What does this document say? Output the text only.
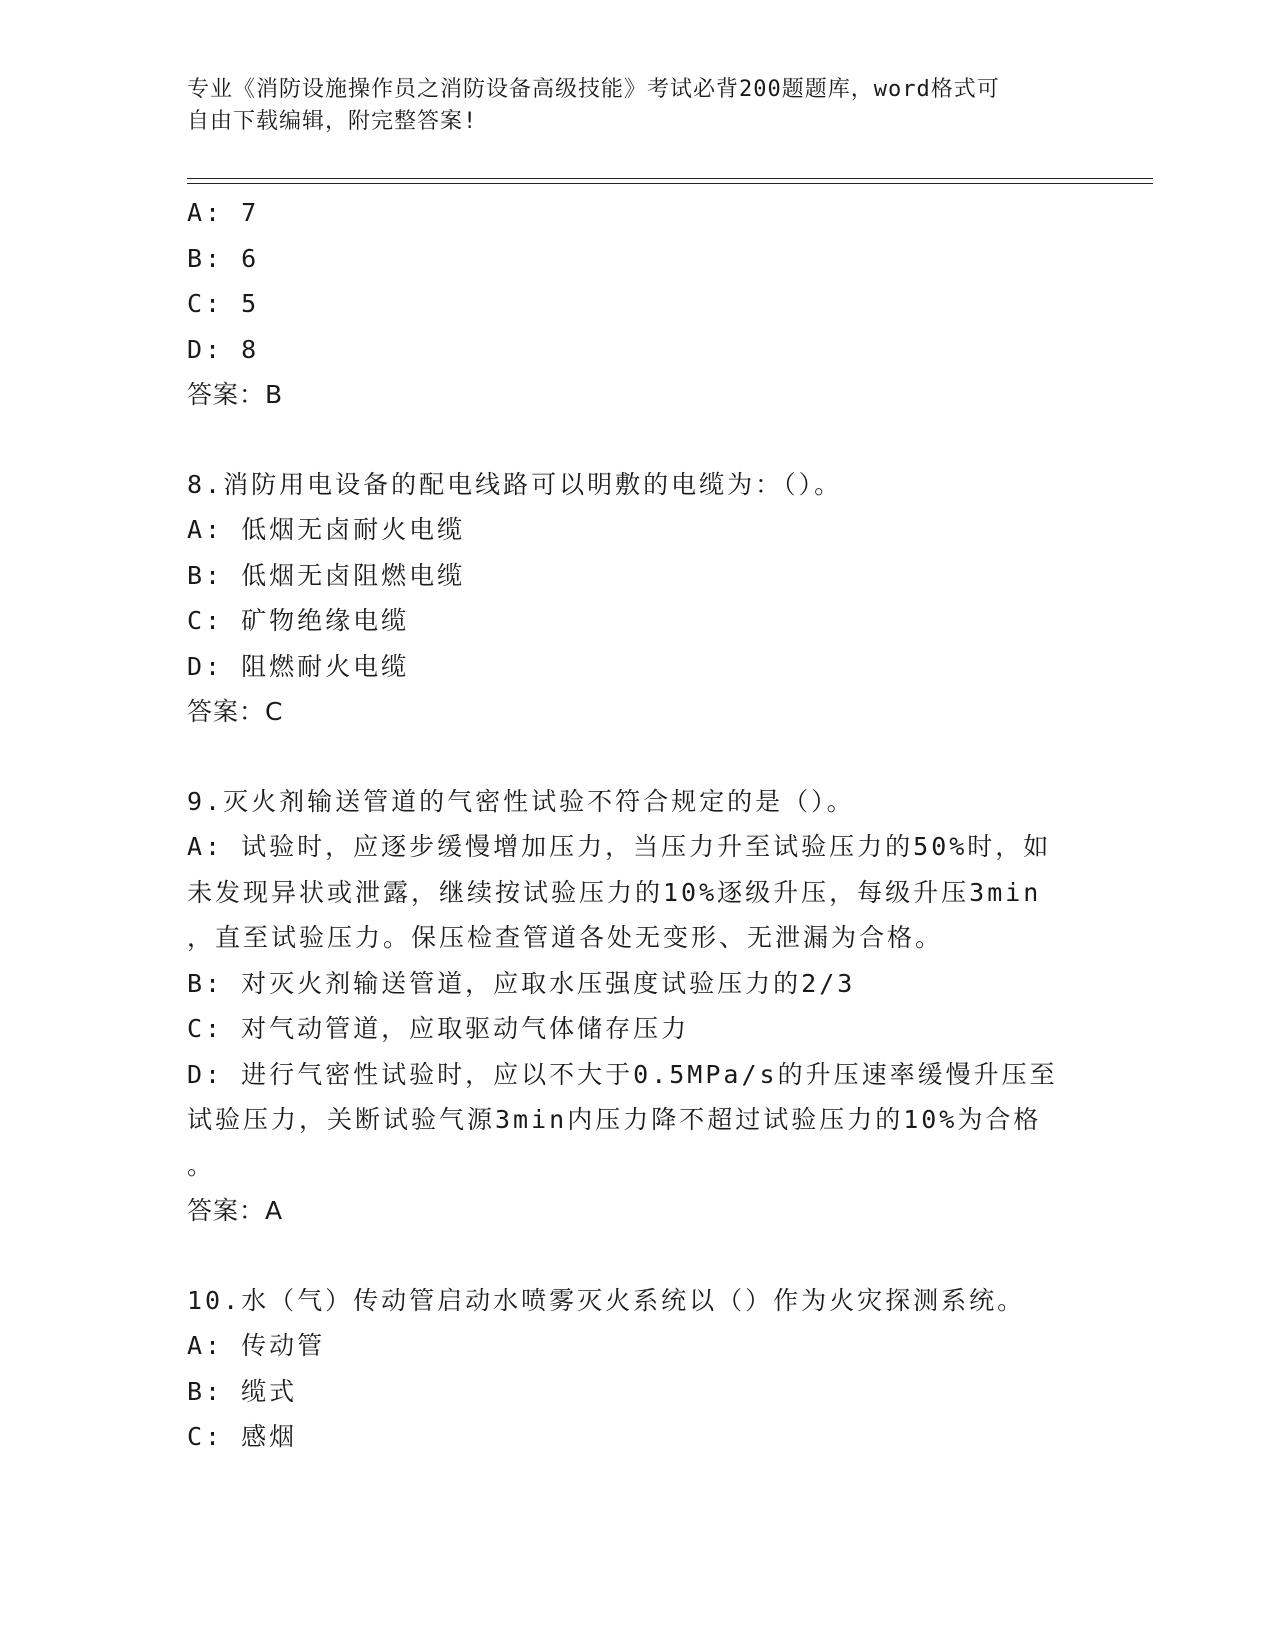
专业《消防设施操作员之消防设备高级技能》考试必背200题题库，word格式可
自由下载编辑，附完整答案!
A: 7
B: 6
C: 5
D: 8
答案：B
8.消防用电设备的配电线路可以明敷的电缆为：（）。
A: 低烟无卤耐火电缆
B: 低烟无卤阻燃电缆
C: 矿物绝缘电缆
D: 阻燃耐火电缆
答案：C
9.灭火剂输送管道的气密性试验不符合规定的是（）。
A: 试验时，应逐步缓慢增加压力，当压力升至试验压力的50%时，如
未发现异状或泄露，继续按试验压力的10%逐级升压，每级升压3min
，直至试验压力。保压检查管道各处无变形、无泄漏为合格。
B: 对灭火剂输送管道，应取水压强度试验压力的2/3
C: 对气动管道，应取驱动气体储存压力
D: 进行气密性试验时，应以不大于0.5MPa/s的升压速率缓慢升压至
试验压力，关断试验气源3min内压力降不超过试验压力的10%为合格
。
答案：A
10.水（气）传动管启动水喷雾灭火系统以（）作为火灾探测系统。
A: 传动管
B: 缆式
C: 感烟
